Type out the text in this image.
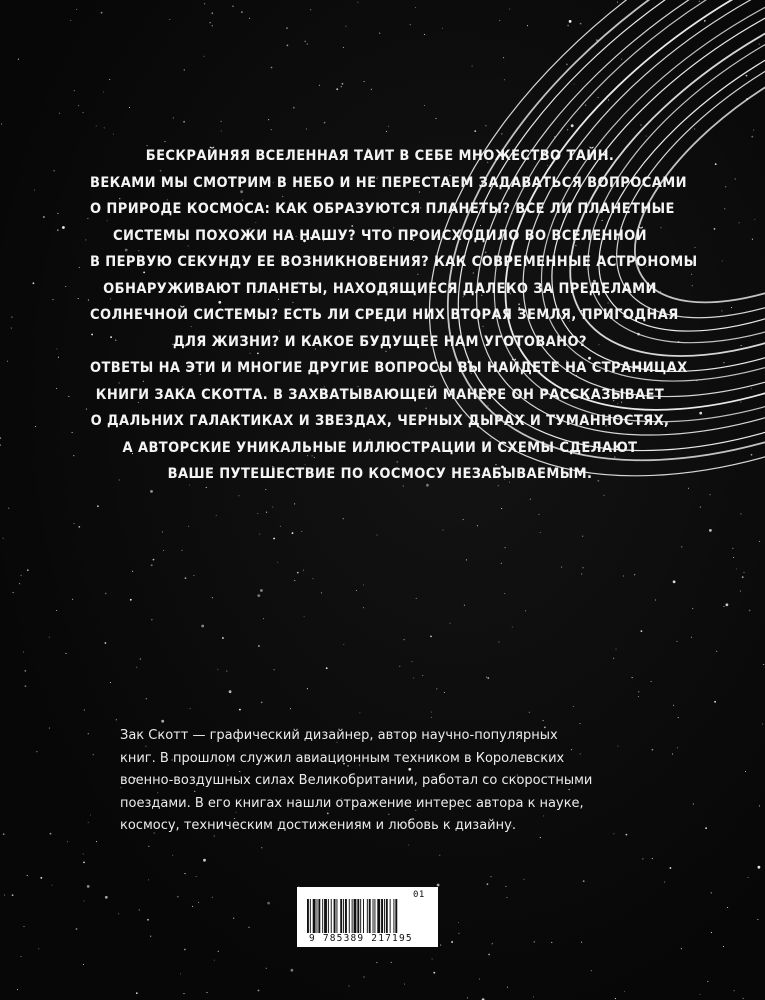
БЕСКРАЙНЯЯ ВСЕЛЕННАЯ ТАИТ В СЕБЕ МНОЖЕСТВО ТАЙН.
ВЕКАМИ МЫ СМОТРИМ В НЕБО И НЕ ПЕРЕСТАЕМ ЗАДАВАТЬСЯ ВОПРОСАМИ
О ПРИРОДЕ КОСМОСА: КАК ОБРАЗУЮТСЯ ПЛАНЕТЫ? ВСЕ ЛИ ПЛАНЕТНЫЕ
СИСТЕМЫ ПОХОЖИ НА НАШУ? ЧТО ПРОИСХОДИЛО ВО ВСЕЛЕННОЙ
В ПЕРВУЮ СЕКУНДУ ЕЕ ВОЗНИКНОВЕНИЯ? КАК СОВРЕМЕННЫЕ АСТРОНОМЫ
ОБНАРУЖИВАЮТ ПЛАНЕТЫ, НАХОДЯЩИЕСЯ ДАЛЕКО ЗА ПРЕДЕЛАМИ
СОЛНЕЧНОЙ СИСТЕМЫ? ЕСТЬ ЛИ СРЕДИ НИХ ВТОРАЯ ЗЕМЛЯ, ПРИГОДНАЯ
ДЛЯ ЖИЗНИ? И КАКОЕ БУДУЩЕЕ НАМ УГОТОВАНО?
ОТВЕТЫ НА ЭТИ И МНОГИЕ ДРУГИЕ ВОПРОСЫ ВЫ НАЙДЕТЕ НА СТРАНИЦАХ
КНИГИ ЗАКА СКОТТА. В ЗАХВАТЫВАЮЩЕЙ МАНЕРЕ ОН РАССКАЗЫВАЕТ
О ДАЛЬНИХ ГАЛАКТИКАХ И ЗВЕЗДАХ, ЧЕРНЫХ ДЫРАХ И ТУМАННОСТЯХ,
А АВТОРСКИЕ УНИКАЛЬНЫЕ ИЛЛЮСТРАЦИИ И СХЕМЫ СДЕЛАЮТ
ВАШЕ ПУТЕШЕСТВИЕ ПО КОСМОСУ НЕЗАБЫВАЕМЫМ.
Зак Скотт — графический дизайнер, автор научно-популярных
книг. В прошлом служил авиационным техником в Королевских
военно-воздушных силах Великобритании, работал со скоростными
поездами. В его книгах нашли отражение интерес автора к науке,
космосу, техническим достижениям и любовь к дизайну.
9 785389 217195
01
